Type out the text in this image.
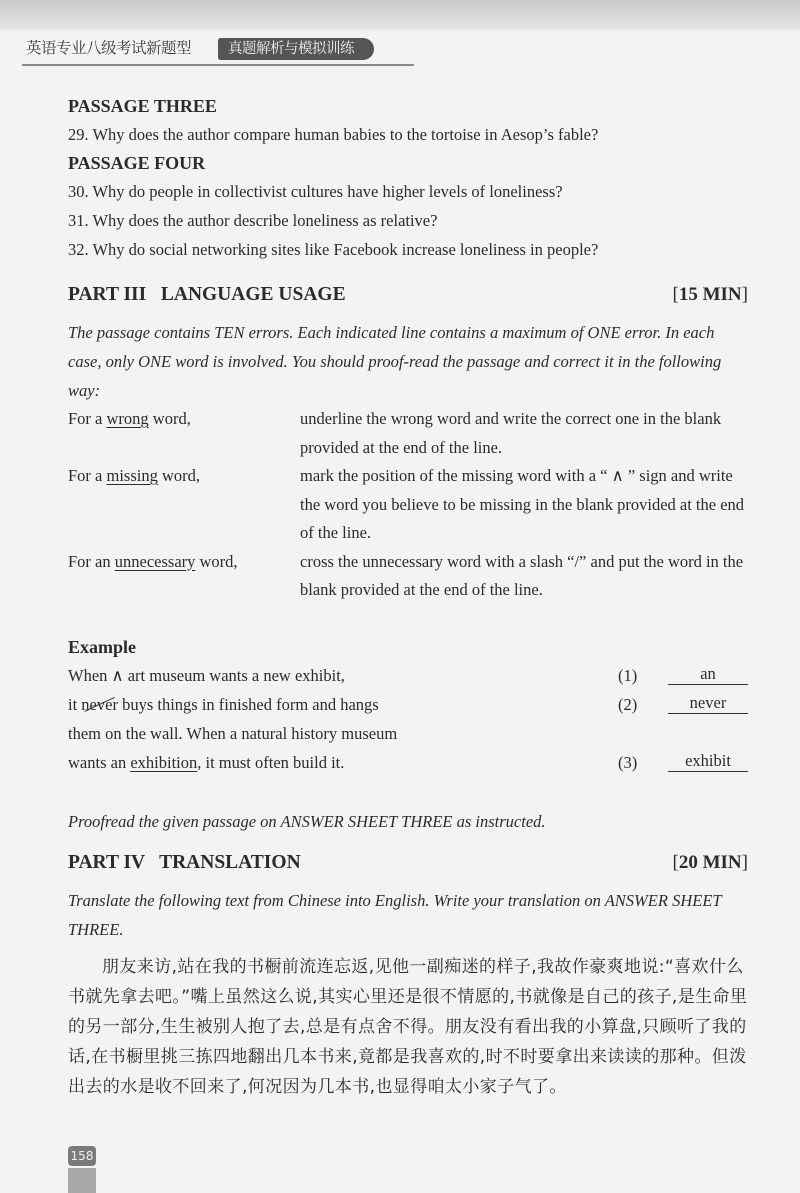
英语专业八级考试新题型	真题解析与模拟训练

PASSAGE THREE

29. Why does the author compare human babies to the tortoise in Aesop’s fable?

PASSAGE FOUR

30. Why do people in collectivist cultures have higher levels of loneliness?

31. Why does the author describe loneliness as relative?

32. Why do social networking sites like Facebook increase loneliness in people?

PART III   LANGUAGE USAGE	[15 MIN]

The passage contains TEN errors. Each indicated line contains a maximum of ONE error. In each case, only ONE word is involved. You should proof-read the passage and correct it in the following way:

For a wrong word,	underline the wrong word and write the correct one in the blank provided at the end of the line.
For a missing word,	mark the position of the missing word with a “ ∧ ” sign and write the word you believe to be missing in the blank provided at the end of the line.
For an unnecessary word,	cross the unnecessary word with a slash “/” and put the word in the blank provided at the end of the line.
Example
When ∧ art museum wants a new exhibit,	(1)	an
it never buys things in finished form and hangs	(2)	never
them on the wall. When a natural history museum
wants an exhibition, it must often build it.	(3)	exhibit

Proofread the given passage on ANSWER SHEET THREE as instructed.

PART IV   TRANSLATION	[20 MIN]

Translate the following text from Chinese into English. Write your translation on ANSWER SHEET THREE.

朋友来访,站在我的书橱前流连忘返,见他一副痴迷的样子,我故作豪爽地说:“喜欢什么书就先拿去吧。”嘴上虽然这么说,其实心里还是很不情愿的,书就像是自己的孩子,是生命里的另一部分,生生被别人抱了去,总是有点舍不得。朋友没有看出我的小算盘,只顾听了我的话,在书橱里挑三拣四地翻出几本书来,竟都是我喜欢的,时不时要拿出来读读的那种。但泼出去的水是收不回来了,何况因为几本书,也显得咱太小家子气了。

158
